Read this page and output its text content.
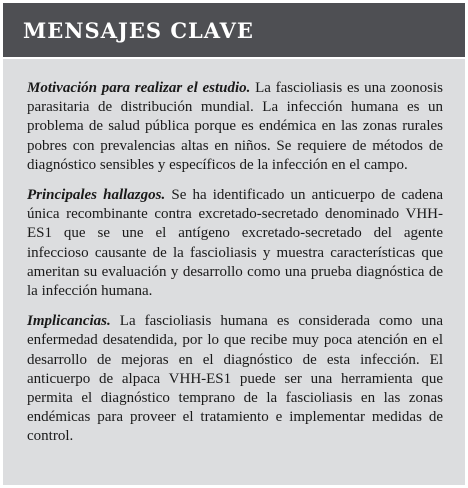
MENSAJES CLAVE

Motivación para realizar el estudio. La fascioliasis es una zoonosis parasitaria de distribución mundial. La infección humana es un problema de salud pública porque es endémica en las zonas rurales pobres con prevalencias altas en niños. Se requiere de métodos de diagnóstico sensibles y específicos de la infección en el campo.

Principales hallazgos. Se ha identificado un anticuerpo de cadena única recombinante contra excretado-secretado denominado VHH-ES1 que se une el antígeno excretado-secretado del agente infeccioso causante de la fascioliasis y muestra características que ameritan su evaluación y desarrollo como una prueba diagnóstica de la infección humana.

Implicancias. La fascioliasis humana es considerada como una enfermedad desatendida, por lo que recibe muy poca atención en el desarrollo de mejoras en el diagnóstico de esta infección. El anticuerpo de alpaca VHH-ES1 puede ser una herramienta que permita el diagnóstico temprano de la fascioliasis en las zonas endémicas para proveer el tratamiento e implementar medidas de control.
